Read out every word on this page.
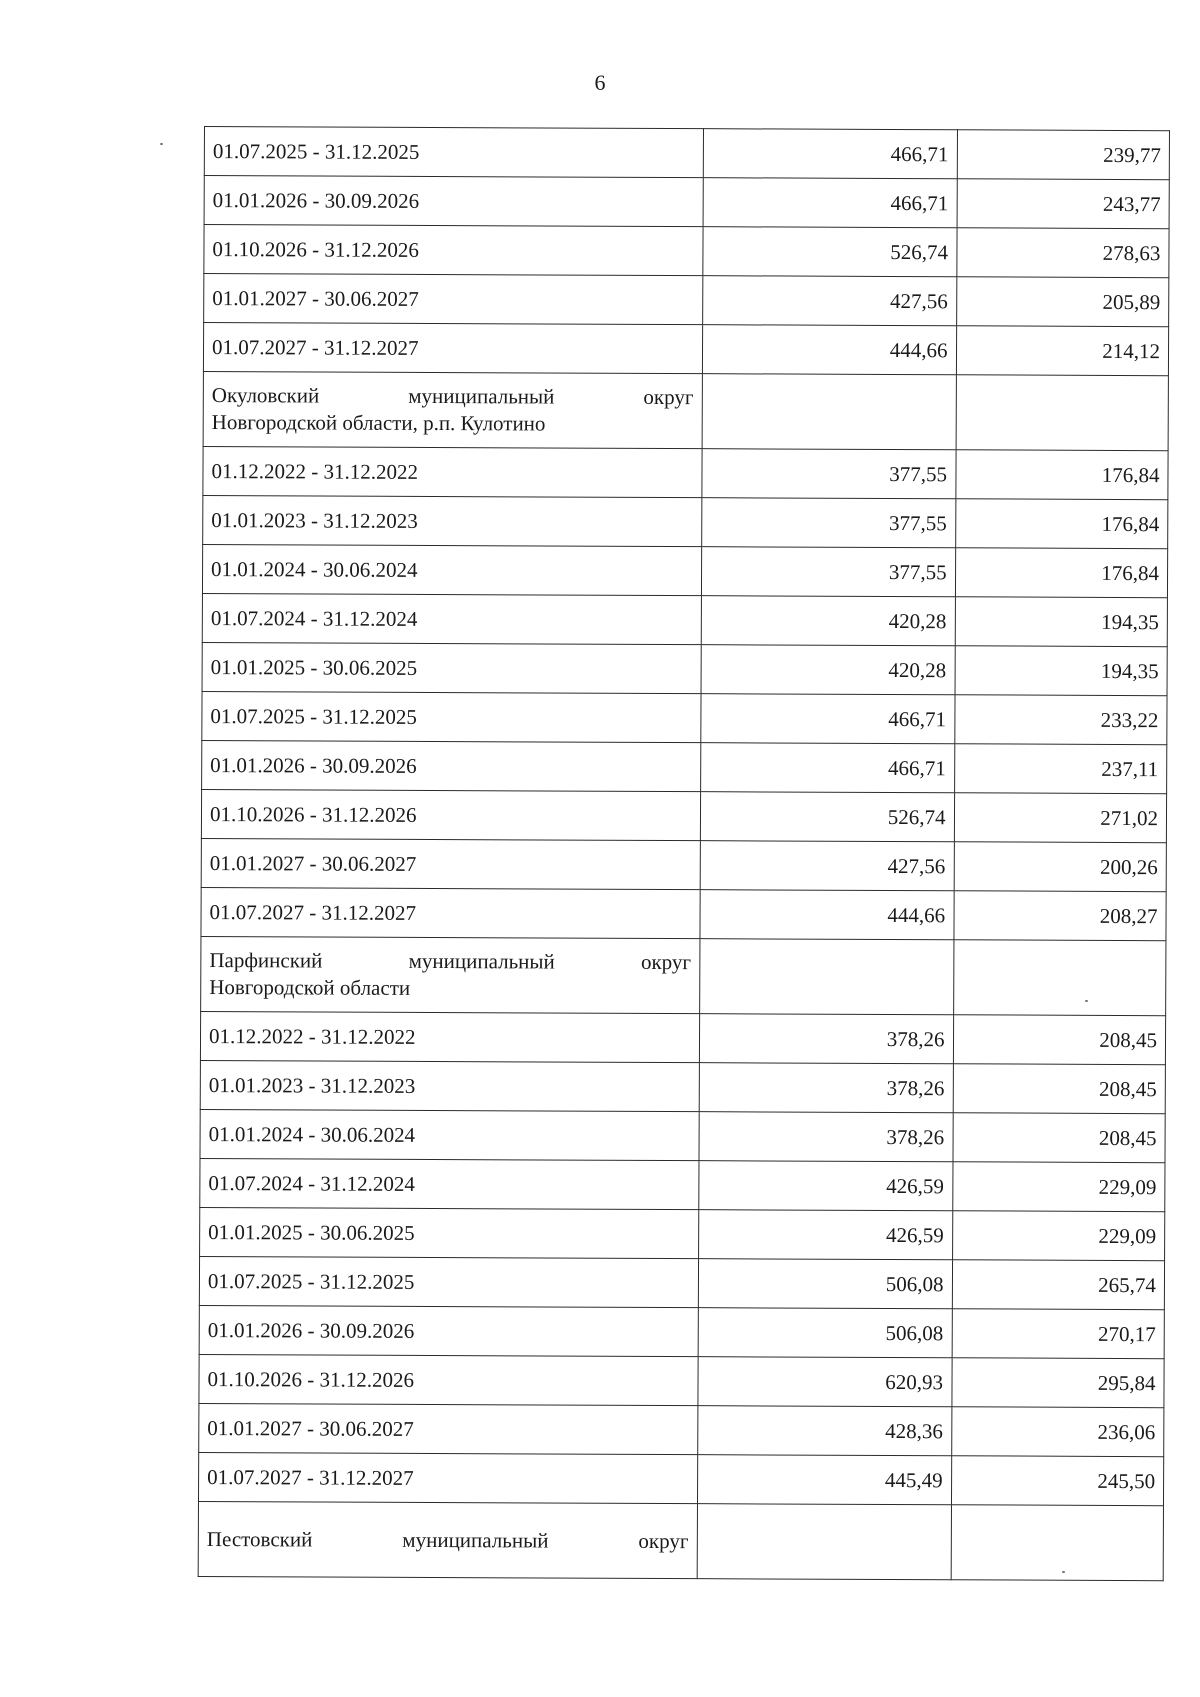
6
01.07.2025 - 31.12.2025	466,71	239,77
01.01.2026 - 30.09.2026	466,71	243,77
01.10.2026 - 31.12.2026	526,74	278,63
01.01.2027 - 30.06.2027	427,56	205,89
01.07.2027 - 31.12.2027	444,66	214,12

Окуловский муниципальный округ
Новгородской области, р.п. Кулотино		

01.12.2022 - 31.12.2022	377,55	176,84
01.01.2023 - 31.12.2023	377,55	176,84
01.01.2024 - 30.06.2024	377,55	176,84
01.07.2024 - 31.12.2024	420,28	194,35
01.01.2025 - 30.06.2025	420,28	194,35
01.07.2025 - 31.12.2025	466,71	233,22
01.01.2026 - 30.09.2026	466,71	237,11
01.10.2026 - 31.12.2026	526,74	271,02
01.01.2027 - 30.06.2027	427,56	200,26
01.07.2027 - 31.12.2027	444,66	208,27

Парфинский муниципальный округ
Новгородской области		

01.12.2022 - 31.12.2022	378,26	208,45
01.01.2023 - 31.12.2023	378,26	208,45
01.01.2024 - 30.06.2024	378,26	208,45
01.07.2024 - 31.12.2024	426,59	229,09
01.01.2025 - 30.06.2025	426,59	229,09
01.07.2025 - 31.12.2025	506,08	265,74
01.01.2026 - 30.09.2026	506,08	270,17
01.10.2026 - 31.12.2026	620,93	295,84
01.01.2027 - 30.06.2027	428,36	236,06
01.07.2027 - 31.12.2027	445,49	245,50

Пестовский муниципальный округ		
